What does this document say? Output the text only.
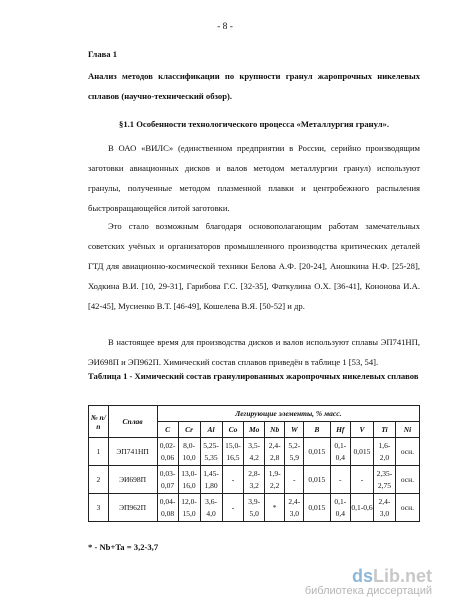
- 8 -
Глава 1
Анализ методов классификации по крупности гранул жаропрочных никелевых сплавов (научно-технический обзор).
§1.1 Особенности технологического процесса «Металлургия гранул».
В ОАО «ВИЛС» (единственном предприятии в России, серийно производящим заготовки авиационных дисков и валов методом металлургии гранул) используют гранулы, полученные методом плазменной плавки и центробежного распыления быстровращающейся литой заготовки.
Это стало возможным благодаря основополагающим работам замечательных советских учёных и организаторов промышленного производства критических деталей ГТД для авиационно-космической техники Белова А.Ф. [20-24], Аношкина Н.Ф. [25-28], Ходкина В.И. [10, 29-31], Гарибова Г.С. [32-35], Фаткулина О.Х. [36-41], Кононова И.А. [42-45], Мусиенко В.Т. [46-49], Кошелева В.Я. [50-52] и др.
В настоящее время для производства дисков и валов используют сплавы ЭП741НП, ЭИ698П и ЭП962П. Химический состав сплавов приведён в таблице 1 [53, 54].
Таблица 1 - Химический состав гранулированных жаропрочных никелевых сплавов
№ п/п	Сплав	Легирующие элементы, % масс.											
		C	Cr	Al	Co	Mo	Nb	W	B	Hf	V	Ti	Ni
1	ЭП741НП	0,02-0,06	8,0-10,0	5,25-5,35	15,0-16,5	3,5-4,2	2,4-2,8	5,2-5,9	0,015	0,1-0,4	0,015	1,6-2,0	осн.
2	ЭИ698П	0,03-0,07	13,0-16,0	1,45-1,80	-	2,8-3,2	1,9-2,2	-	0,015	-	-	2,35-2,75	осн.
3	ЭП962П	0,04-0,08	12,0-15,0	3,6-4,0	-	3,9-5,0	*	2,4-3,0	0,015	0,1-0,4	0,1-0,6	2,4-3,0	осн.
* - Nb+Ta = 3,2-3,7
dsLib.net
библиотека диссертаций
